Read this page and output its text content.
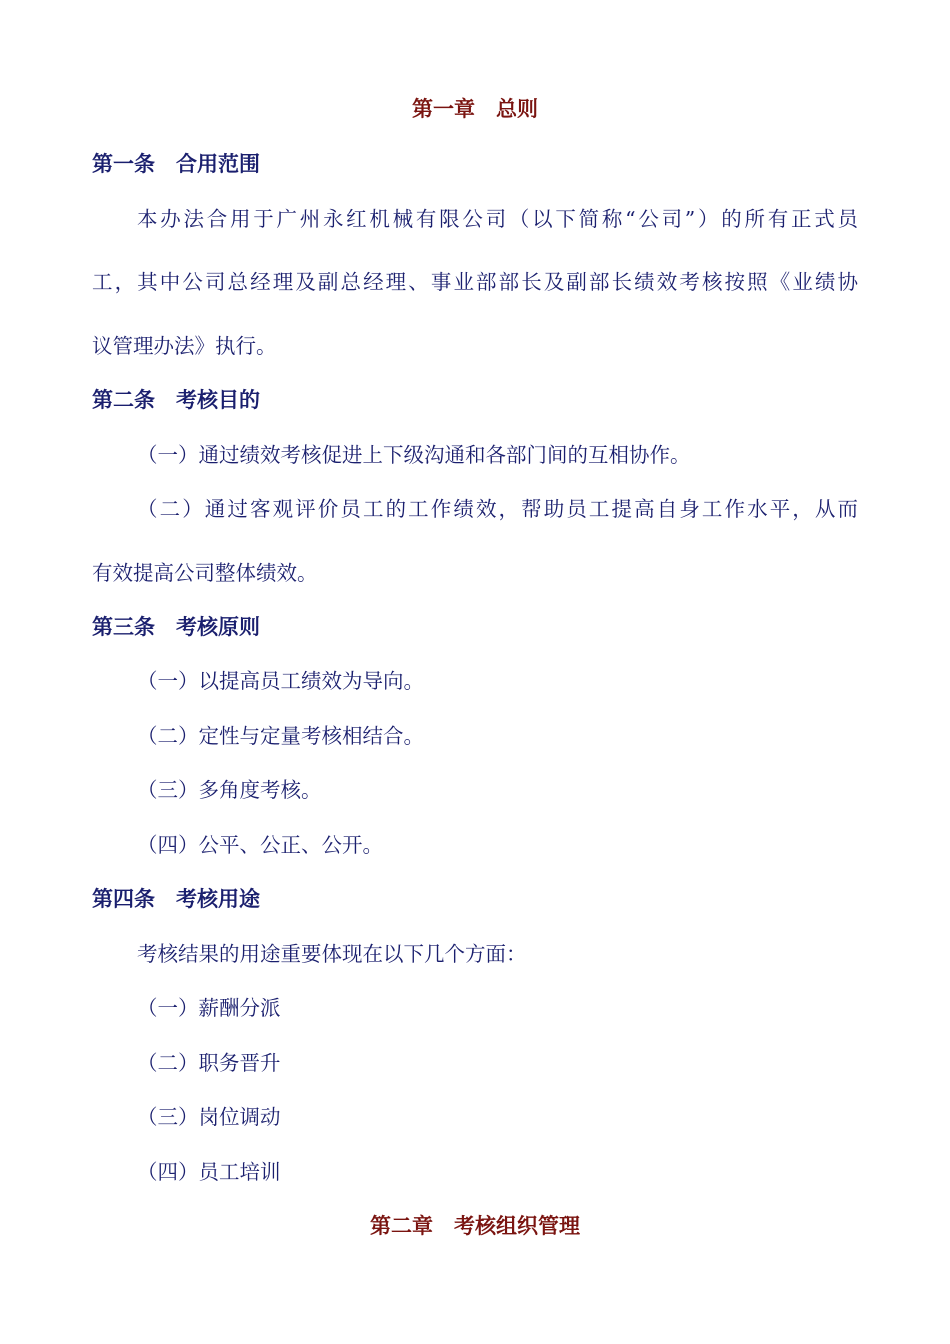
第一章　总则
第一条　合用范围
本办法合用于广州永红机械有限公司（以下简称“公司”）的所有正式员
工，其中公司总经理及副总经理、事业部部长及副部长绩效考核按照《业绩协
议管理办法》执行。
第二条　考核目的
（一）通过绩效考核促进上下级沟通和各部门间的互相协作。
（二）通过客观评价员工的工作绩效，帮助员工提高自身工作水平，从而
有效提高公司整体绩效。
第三条　考核原则
（一）以提高员工绩效为导向。
（二）定性与定量考核相结合。
（三）多角度考核。
（四）公平、公正、公开。
第四条　考核用途
考核结果的用途重要体现在以下几个方面：
（一）薪酬分派
（二）职务晋升
（三）岗位调动
（四）员工培训
第二章　考核组织管理
